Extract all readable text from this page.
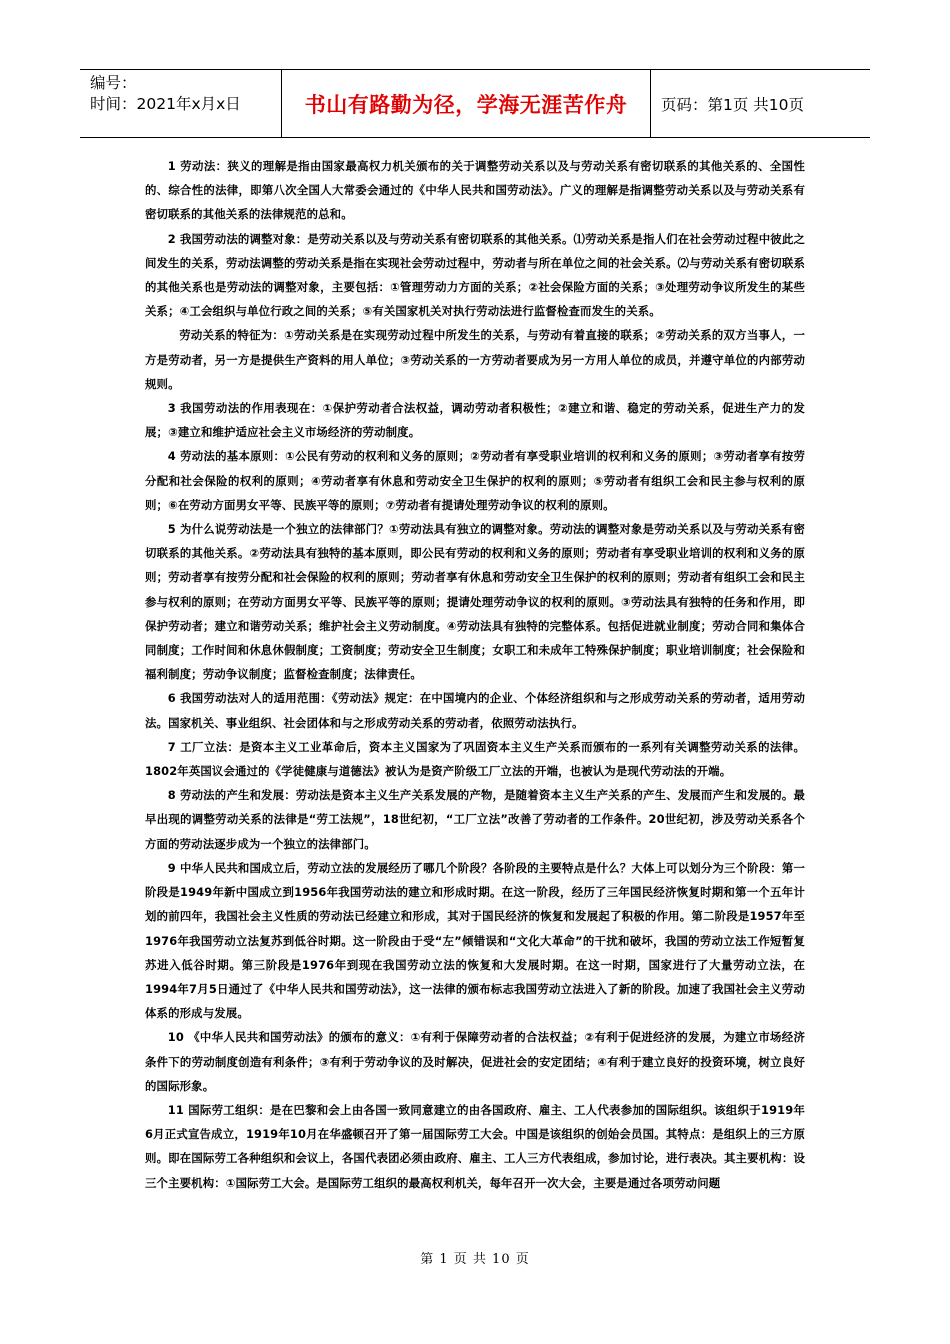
编号：
时间：2021年x月x日	书山有路勤为径，学海无涯苦作舟	页码：第1页 共10页

1 劳动法：狭义的理解是指由国家最高权力机关颁布的关于调整劳动关系以及与劳动关系有密切联系的其他关系的、全国性的、综合性的法律，即第八次全国人大常委会通过的《中华人民共和国劳动法》。广义的理解是指调整劳动关系以及与劳动关系有密切联系的其他关系的法律规范的总和。

2 我国劳动法的调整对象：是劳动关系以及与劳动关系有密切联系的其他关系。⑴劳动关系是指人们在社会劳动过程中彼此之间发生的关系，劳动法调整的劳动关系是指在实现社会劳动过程中，劳动者与所在单位之间的社会关系。⑵与劳动关系有密切联系的其他关系也是劳动法的调整对象，主要包括：①管理劳动力方面的关系；②社会保险方面的关系；③处理劳动争议所发生的某些关系；④工会组织与单位行政之间的关系；⑤有关国家机关对执行劳动法进行监督检查而发生的关系。

劳动关系的特征为：①劳动关系是在实现劳动过程中所发生的关系，与劳动有着直接的联系；②劳动关系的双方当事人，一方是劳动者，另一方是提供生产资料的用人单位；③劳动关系的一方劳动者要成为另一方用人单位的成员，并遵守单位的内部劳动规则。

3 我国劳动法的作用表现在：①保护劳动者合法权益，调动劳动者积极性；②建立和谐、稳定的劳动关系，促进生产力的发展；③建立和维护适应社会主义市场经济的劳动制度。

4 劳动法的基本原则：①公民有劳动的权利和义务的原则；②劳动者有享受职业培训的权利和义务的原则；③劳动者享有按劳分配和社会保险的权利的原则；④劳动者享有休息和劳动安全卫生保护的权利的原则；⑤劳动者有组织工会和民主参与权利的原则；⑥在劳动方面男女平等、民族平等的原则；⑦劳动者有提请处理劳动争议的权利的原则。

5 为什么说劳动法是一个独立的法律部门？①劳动法具有独立的调整对象。劳动法的调整对象是劳动关系以及与劳动关系有密切联系的其他关系。②劳动法具有独特的基本原则，即公民有劳动的权利和义务的原则；劳动者有享受职业培训的权利和义务的原则；劳动者享有按劳分配和社会保险的权利的原则；劳动者享有休息和劳动安全卫生保护的权利的原则；劳动者有组织工会和民主参与权利的原则；在劳动方面男女平等、民族平等的原则；提请处理劳动争议的权利的原则。③劳动法具有独特的任务和作用，即保护劳动者；建立和谐劳动关系；维护社会主义劳动制度。④劳动法具有独特的完整体系。包括促进就业制度；劳动合同和集体合同制度；工作时间和休息休假制度；工资制度；劳动安全卫生制度；女职工和未成年工特殊保护制度；职业培训制度；社会保险和福利制度；劳动争议制度；监督检查制度；法律责任。

6 我国劳动法对人的适用范围：《劳动法》规定：在中国境内的企业、个体经济组织和与之形成劳动关系的劳动者，适用劳动法。国家机关、事业组织、社会团体和与之形成劳动关系的劳动者，依照劳动法执行。

7 工厂立法：是资本主义工业革命后，资本主义国家为了巩固资本主义生产关系而颁布的一系列有关调整劳动关系的法律。1802年英国议会通过的《学徒健康与道德法》被认为是资产阶级工厂立法的开端，也被认为是现代劳动法的开端。

8 劳动法的产生和发展：劳动法是资本主义生产关系发展的产物，是随着资本主义生产关系的产生、发展而产生和发展的。最早出现的调整劳动关系的法律是“劳工法规”，18世纪初，“工厂立法”改善了劳动者的工作条件。20世纪初，涉及劳动关系各个方面的劳动法逐步成为一个独立的法律部门。

9 中华人民共和国成立后，劳动立法的发展经历了哪几个阶段？各阶段的主要特点是什么？大体上可以划分为三个阶段：第一阶段是1949年新中国成立到1956年我国劳动法的建立和形成时期。在这一阶段，经历了三年国民经济恢复时期和第一个五年计划的前四年，我国社会主义性质的劳动法已经建立和形成，其对于国民经济的恢复和发展起了积极的作用。第二阶段是1957年至1976年我国劳动立法复苏到低谷时期。这一阶段由于受“左”倾错误和“文化大革命”的干扰和破坏，我国的劳动立法工作短暂复苏进入低谷时期。第三阶段是1976年到现在我国劳动立法的恢复和大发展时期。在这一时期，国家进行了大量劳动立法，在1994年7月5日通过了《中华人民共和国劳动法》，这一法律的颁布标志我国劳动立法进入了新的阶段。加速了我国社会主义劳动体系的形成与发展。

10 《中华人民共和国劳动法》的颁布的意义：①有利于保障劳动者的合法权益；②有利于促进经济的发展，为建立市场经济条件下的劳动制度创造有利条件；③有利于劳动争议的及时解决，促进社会的安定团结；④有利于建立良好的投资环境，树立良好的国际形象。

11 国际劳工组织：是在巴黎和会上由各国一致同意建立的由各国政府、雇主、工人代表参加的国际组织。该组织于1919年6月正式宣告成立，1919年10月在华盛顿召开了第一届国际劳工大会。中国是该组织的创始会员国。其特点：是组织上的三方原则。即在国际劳工各种组织和会议上，各国代表团必须由政府、雇主、工人三方代表组成，参加讨论，进行表决。其主要机构：设三个主要机构：①国际劳工大会。是国际劳工组织的最高权利机关，每年召开一次大会，主要是通过各项劳动问题

第 1 页 共 10 页
